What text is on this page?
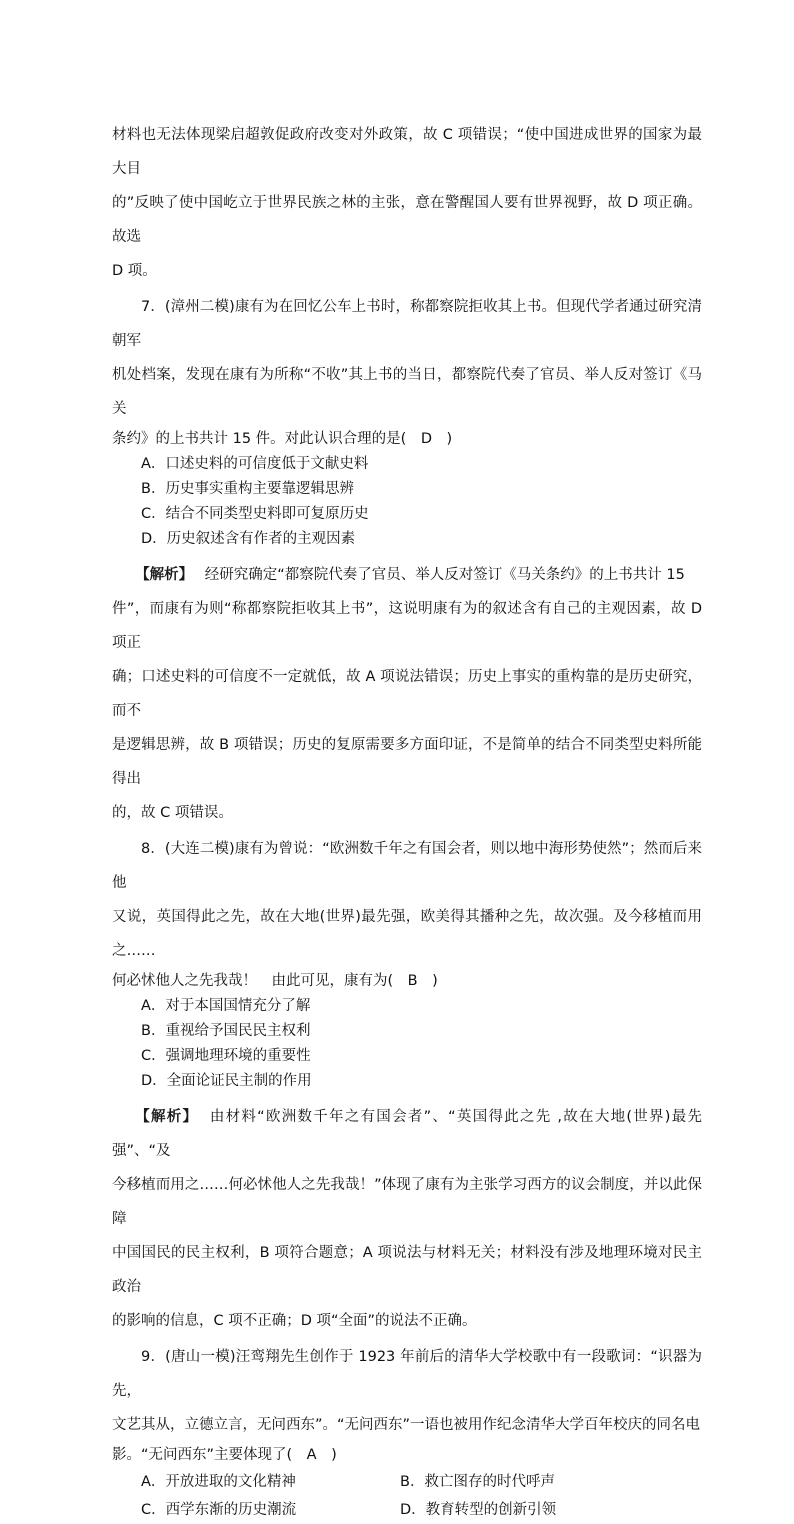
材料也无法体现梁启超敦促政府改变对外政策，故 C 项错误；“使中国进成世界的国家为最大目

的”反映了使中国屹立于世界民族之林的主张，意在警醒国人要有世界视野，故 D 项正确。故选

D 项。

7．(漳州二模)康有为在回忆公车上书时，称都察院拒收其上书。但现代学者通过研究清朝军

机处档案，发现在康有为所称“不收”其上书的当日，都察院代奏了官员、举人反对签订《马关

条约》的上书共计 15 件。对此认识合理的是(　D　)

A．口述史料的可信度低于文献史料

B．历史事实重构主要靠逻辑思辨

C．结合不同类型史料即可复原历史

D．历史叙述含有作者的主观因素

【解析】 经研究确定“都察院代奏了官员、举人反对签订《马关条约》的上书共计 15

件”，而康有为则“称都察院拒收其上书”，这说明康有为的叙述含有自己的主观因素，故 D 项正

确；口述史料的可信度不一定就低，故 A 项说法错误；历史上事实的重构靠的是历史研究，而不

是逻辑思辨，故 B 项错误；历史的复原需要多方面印证，不是简单的结合不同类型史料所能得出

的，故 C 项错误。

8．(大连二模)康有为曾说：“欧洲数千年之有国会者，则以地中海形势使然”；然而后来他

又说，英国得此之先，故在大地(世界)最先强，欧美得其播种之先，故次强。及今移植而用之……

何必怵他人之先我哉！　由此可见，康有为(　B　)

A．对于本国国情充分了解

B．重视给予国民民主权利

C．强调地理环境的重要性

D．全面论证民主制的作用

【解析】 由材料“欧洲数千年之有国会者”、“英国得此之先 ,故在大地(世界)最先强”、“及

今移植而用之……何必怵他人之先我哉！”体现了康有为主张学习西方的议会制度，并以此保障

中国国民的民主权利，B 项符合题意；A 项说法与材料无关；材料没有涉及地理环境对民主政治

的影响的信息，C 项不正确；D 项“全面”的说法不正确。

9．(唐山一模)汪鸾翔先生创作于 1923 年前后的清华大学校歌中有一段歌词：“识器为先，

文艺其从，立德立言，无问西东”。“无问西东”一语也被用作纪念清华大学百年校庆的同名电

影。“无问西东”主要体现了(　A　)

A．开放进取的文化精神	B．救亡图存的时代呼声
C．西学东渐的历史潮流	D．教育转型的创新引领
